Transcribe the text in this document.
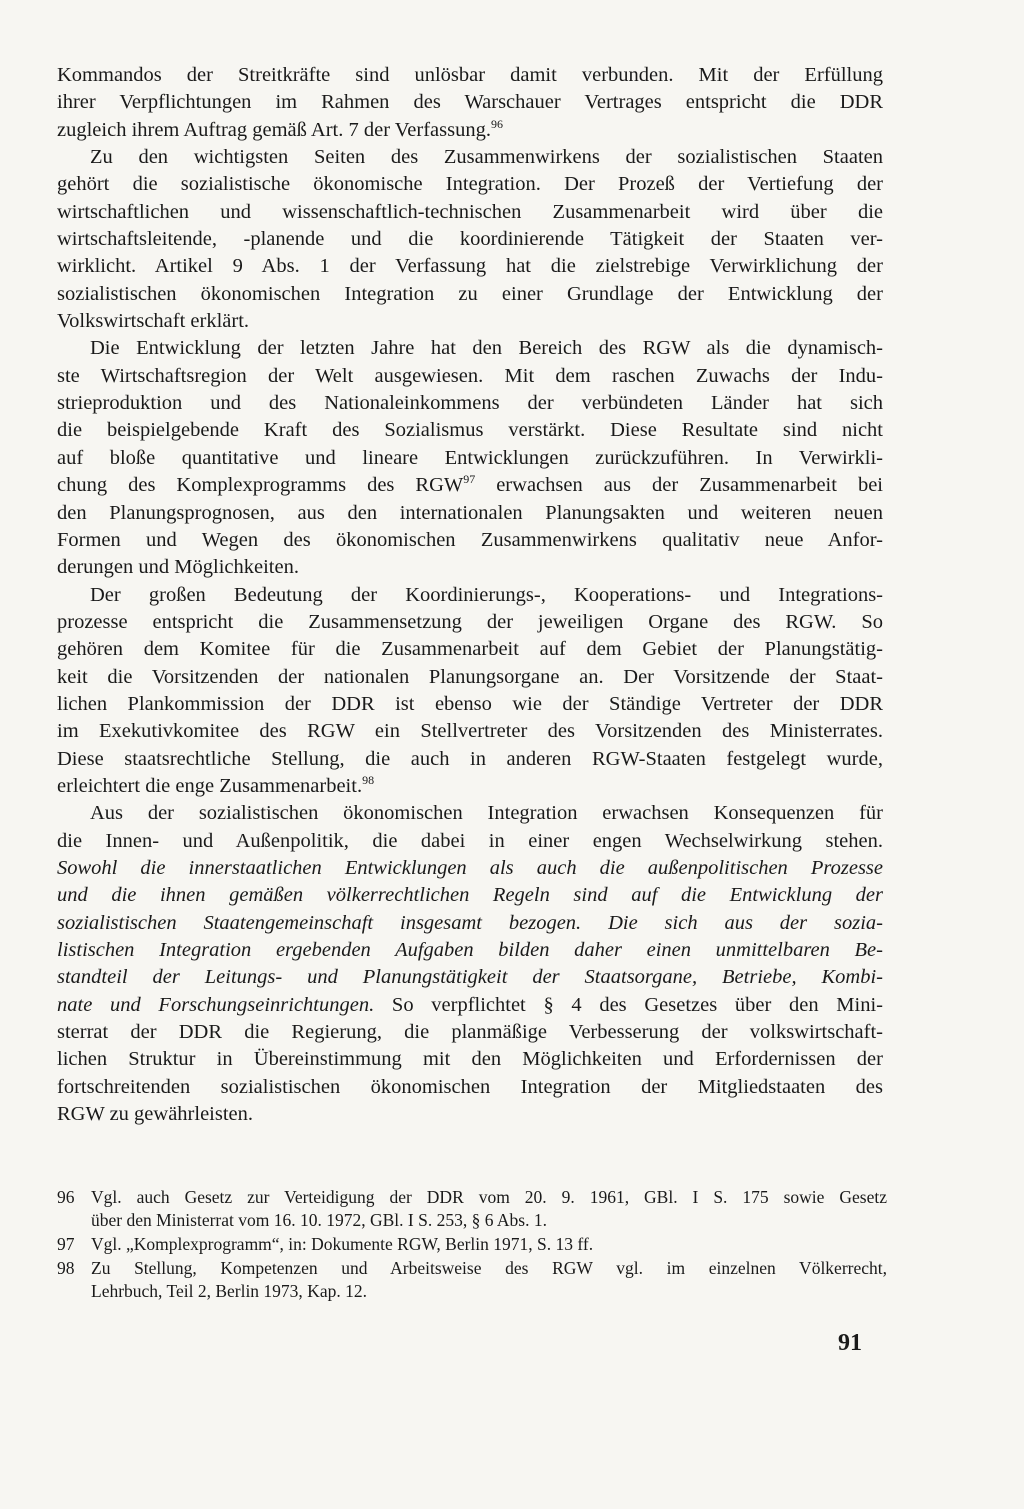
Kommandos der Streitkräfte sind unlösbar damit verbunden. Mit der Erfüllung
ihrer Verpflichtungen im Rahmen des Warschauer Vertrages entspricht die DDR
zugleich ihrem Auftrag gemäß Art. 7 der Verfassung.$^{96}$
Zu den wichtigsten Seiten des Zusammenwirkens der sozialistischen Staaten
gehört die sozialistische ökonomische Integration. Der Prozeß der Vertiefung der
wirtschaftlichen und wissenschaftlich-technischen Zusammenarbeit wird über die
wirtschaftsleitende, -planende und die koordinierende Tätigkeit der Staaten ver-
wirklicht. Artikel 9 Abs. 1 der Verfassung hat die zielstrebige Verwirklichung der
sozialistischen ökonomischen Integration zu einer Grundlage der Entwicklung der
Volkswirtschaft erklärt.
Die Entwicklung der letzten Jahre hat den Bereich des RGW als die dynamisch-
ste Wirtschaftsregion der Welt ausgewiesen. Mit dem raschen Zuwachs der Indu-
strieproduktion und des Nationaleinkommens der verbündeten Länder hat sich
die beispielgebende Kraft des Sozialismus verstärkt. Diese Resultate sind nicht
auf bloße quantitative und lineare Entwicklungen zurückzuführen. In Verwirkli-
chung des Komplexprogramms des RGW$^{97}$ erwachsen aus der Zusammenarbeit bei
den Planungsprognosen, aus den internationalen Planungsakten und weiteren neuen
Formen und Wegen des ökonomischen Zusammenwirkens qualitativ neue Anfor-
derungen und Möglichkeiten.
Der großen Bedeutung der Koordinierungs-, Kooperations- und Integrations-
prozesse entspricht die Zusammensetzung der jeweiligen Organe des RGW. So
gehören dem Komitee für die Zusammenarbeit auf dem Gebiet der Planungstätig-
keit die Vorsitzenden der nationalen Planungsorgane an. Der Vorsitzende der Staat-
lichen Plankommission der DDR ist ebenso wie der Ständige Vertreter der DDR
im Exekutivkomitee des RGW ein Stellvertreter des Vorsitzenden des Ministerrates.
Diese staatsrechtliche Stellung, die auch in anderen RGW-Staaten festgelegt wurde,
erleichtert die enge Zusammenarbeit.$^{98}$
Aus der sozialistischen ökonomischen Integration erwachsen Konsequenzen für
die Innen- und Außenpolitik, die dabei in einer engen Wechselwirkung stehen.
Sowohl die innerstaatlichen Entwicklungen als auch die außenpolitischen Prozesse
und die ihnen gemäßen völkerrechtlichen Regeln sind auf die Entwicklung der
sozialistischen Staatengemeinschaft insgesamt bezogen. Die sich aus der sozia-
listischen Integration ergebenden Aufgaben bilden daher einen unmittelbaren Be-
standteil der Leitungs- und Planungstätigkeit der Staatsorgane, Betriebe, Kombi-
nate und Forschungseinrichtungen. So verpflichtet § 4 des Gesetzes über den Mini-
sterrat der DDR die Regierung, die planmäßige Verbesserung der volkswirtschaft-
lichen Struktur in Übereinstimmung mit den Möglichkeiten und Erfordernissen der
fortschreitenden sozialistischen ökonomischen Integration der Mitgliedstaaten des
RGW zu gewährleisten.
96 Vgl. auch Gesetz zur Verteidigung der DDR vom 20. 9. 1961, GBl. I S. 175 sowie Gesetz
über den Ministerrat vom 16. 10. 1972, GBl. I S. 253, § 6 Abs. 1.
97 Vgl. „Komplexprogramm“, in: Dokumente RGW, Berlin 1971, S. 13 ff.
98 Zu Stellung, Kompetenzen und Arbeitsweise des RGW vgl. im einzelnen Völkerrecht,
Lehrbuch, Teil 2, Berlin 1973, Kap. 12.
91
